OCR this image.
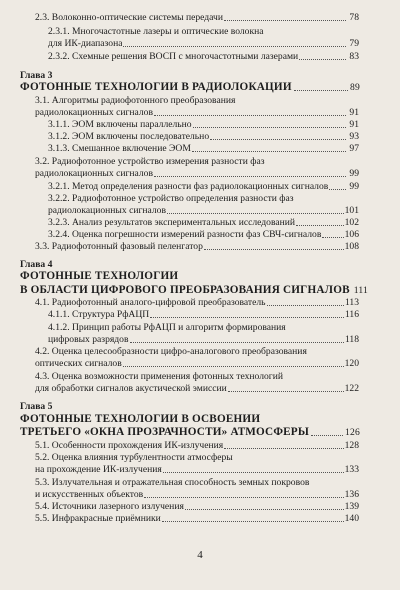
2.3. Волоконно-оптические системы передачи	78
2.3.1. Многочастотные лазеры и оптические волокна
для ИК-диапазона	79
2.3.2. Схемные решения ВОСП с многочастотными лазерами	83
Глава 3
ФОТОННЫЕ ТЕХНОЛОГИИ В РАДИОЛОКАЦИИ	89
3.1. Алгоритмы радиофотонного преобразования
радиолокационных сигналов	91
3.1.1. ЭОМ включены параллельно	91
3.1.2. ЭОМ включены последовательно	93
3.1.3. Смешанное включение ЭОМ	97
3.2. Радиофотонное устройство измерения разности фаз
радиолокационных сигналов	99
3.2.1. Метод определения разности фаз радиолокационных сигналов 99
3.2.2. Радиофотонное устройство определения разности фаз
радиолокационных сигналов	101
3.2.3. Анализ результатов экспериментальных исследований	102
3.2.4. Оценка погрешности измерений разности фаз СВЧ-сигналов 106
3.3. Радиофотонный фазовый пеленгатор	108
Глава 4
ФОТОННЫЕ ТЕХНОЛОГИИ
В ОБЛАСТИ ЦИФРОВОГО ПРЕОБРАЗОВАНИЯ СИГНАЛОВ 111
4.1. Радиофотонный аналого-цифровой преобразователь	113
4.1.1. Структура РфАЦП	116
4.1.2. Принцип работы РфАЦП и алгоритм формирования
цифровых разрядов	118
4.2. Оценка целесообразности цифро-аналогового преобразования
оптических сигналов	120
4.3. Оценка возможности применения фотонных технологий
для обработки сигналов акустической эмиссии	122
Глава 5
ФОТОННЫЕ ТЕХНОЛОГИИ В ОСВОЕНИИ
ТРЕТЬЕГО «ОКНА ПРОЗРАЧНОСТИ» АТМОСФЕРЫ	126
5.1. Особенности прохождения ИК-излучения	128
5.2. Оценка влияния турбулентности атмосферы
на прохождение ИК-излучения	133
5.3. Излучательная и отражательная способность земных покровов
и искусственных объектов	136
5.4. Источники лазерного излучения	139
5.5. Инфракрасные приёмники	140
4
